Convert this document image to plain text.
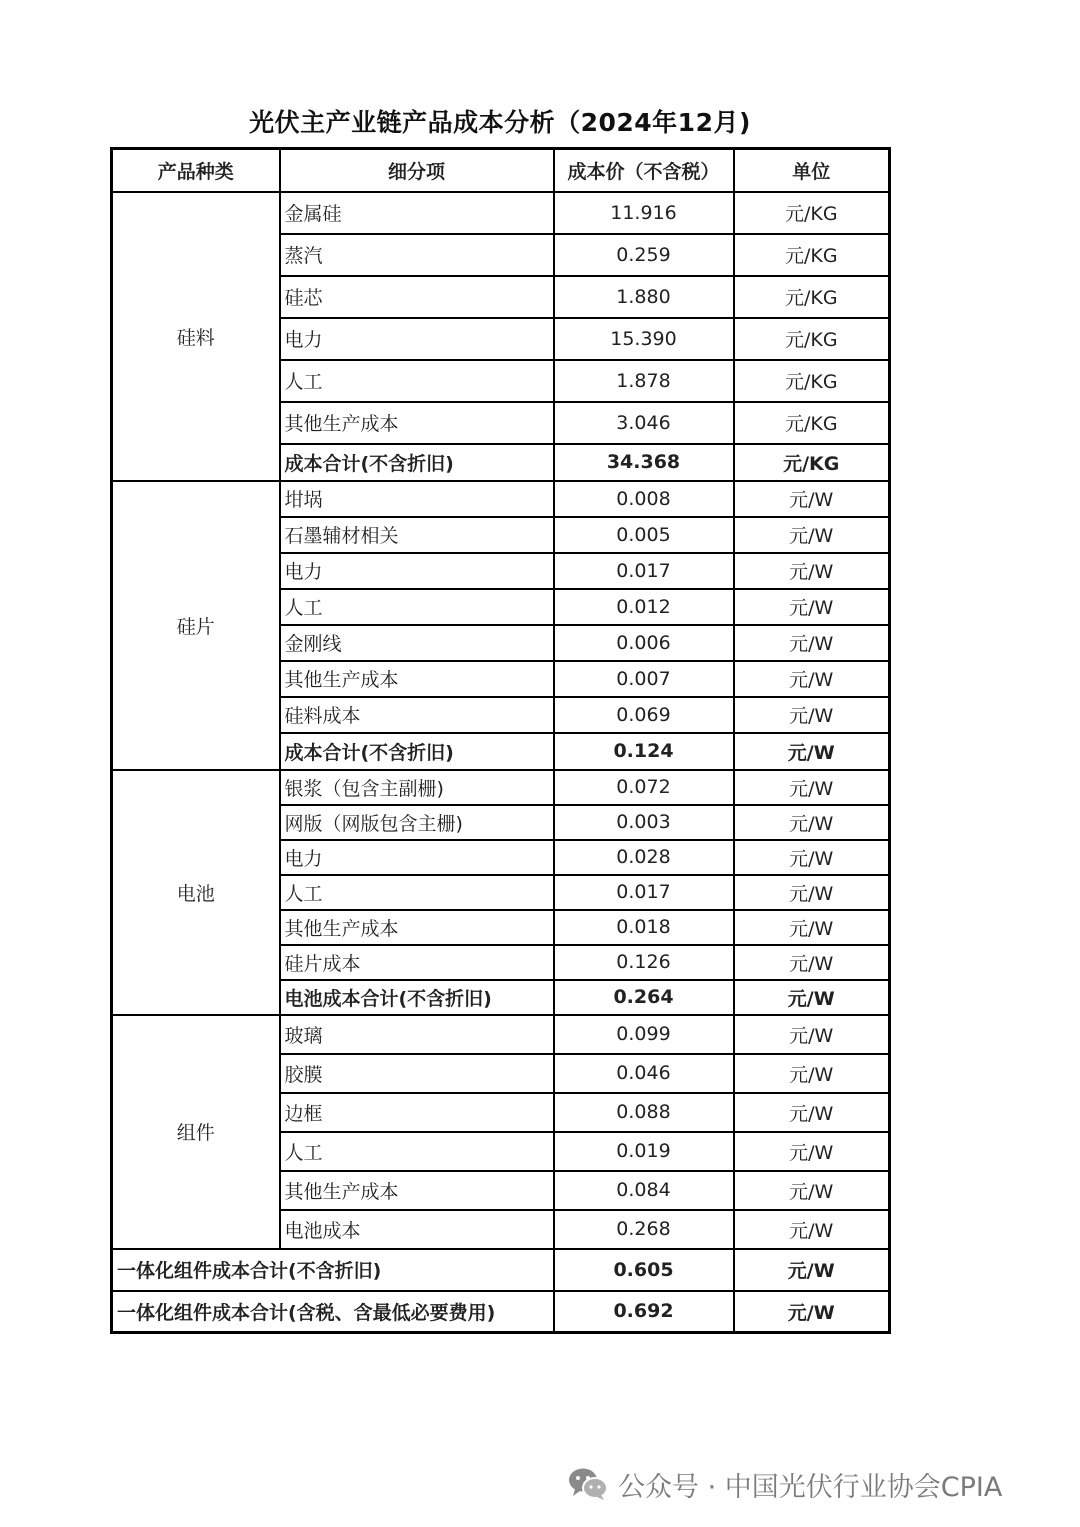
光伏主产业链产品成本分析（2024年12月)
产品种类	细分项	成本价（不含税）	单位
硅料	金属硅	11.916	元/KG
	蒸汽	0.259	元/KG
	硅芯	1.880	元/KG
	电力	15.390	元/KG
	人工	1.878	元/KG
	其他生产成本	3.046	元/KG
	成本合计(不含折旧)	34.368	元/KG
硅片	坩埚	0.008	元/W
	石墨辅材相关	0.005	元/W
	电力	0.017	元/W
	人工	0.012	元/W
	金刚线	0.006	元/W
	其他生产成本	0.007	元/W
	硅料成本	0.069	元/W
	成本合计(不含折旧)	0.124	元/W
电池	银浆（包含主副栅)	0.072	元/W
	网版（网版包含主栅)	0.003	元/W
	电力	0.028	元/W
	人工	0.017	元/W
	其他生产成本	0.018	元/W
	硅片成本	0.126	元/W
	电池成本合计(不含折旧)	0.264	元/W
组件	玻璃	0.099	元/W
	胶膜	0.046	元/W
	边框	0.088	元/W
	人工	0.019	元/W
	其他生产成本	0.084	元/W
	电池成本	0.268	元/W
一体化组件成本合计(不含折旧)		0.605	元/W
一体化组件成本合计(含税、含最低必要费用)		0.692	元/W
公众号 · 中国光伏行业协会CPIA
